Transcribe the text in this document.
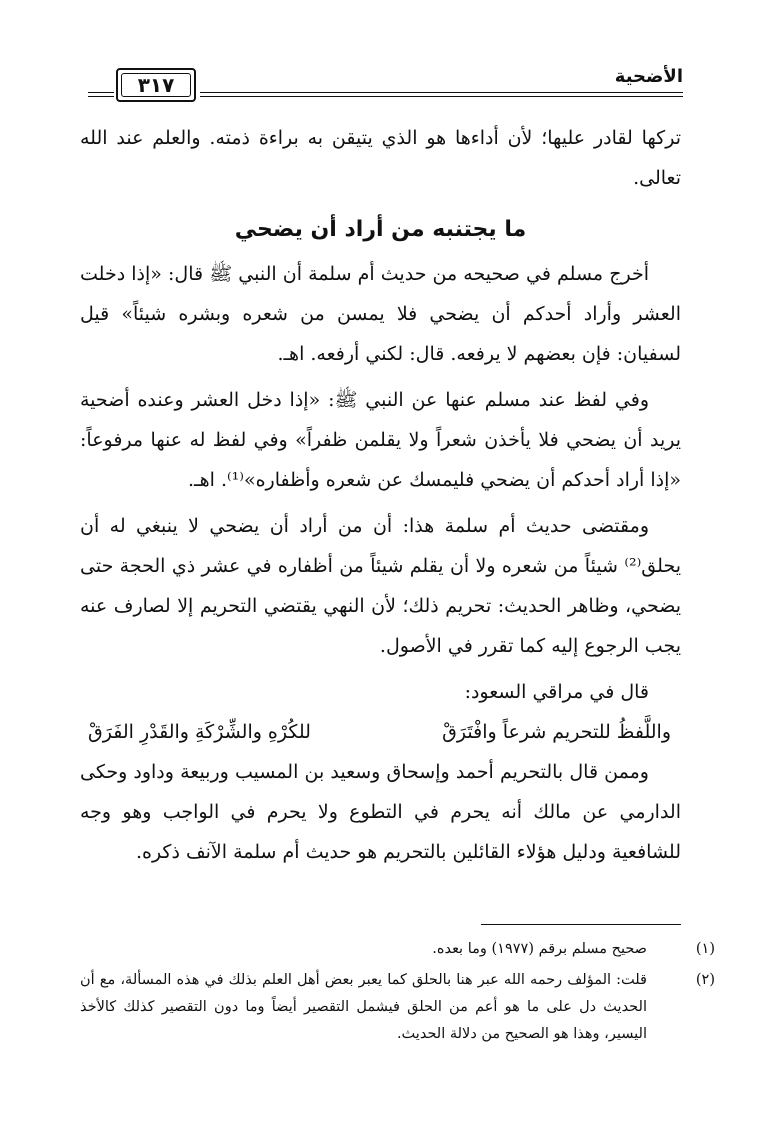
الأضحية
٣١٧

تركها لقادر عليها؛ لأن أداءها هو الذي يتيقن به براءة ذمته. والعلم عند الله تعالى.

ما يجتنبه من أراد أن يضحي

أخرج مسلم في صحيحه من حديث أم سلمة أن النبي ﷺ قال: «إذا دخلت العشر وأراد أحدكم أن يضحي فلا يمسن من شعره وبشره شيئاً» قيل لسفيان: فإن بعضهم لا يرفعه. قال: لكني أرفعه. اهـ.

وفي لفظ عند مسلم عنها عن النبي ﷺ: «إذا دخل العشر وعنده أضحية يريد أن يضحي فلا يأخذن شعراً ولا يقلمن ظفراً» وفي لفظ له عنها مرفوعاً: «إذا أراد أحدكم أن يضحي فليمسك عن شعره وأظفاره»⁽¹⁾. اهـ.

ومقتضى حديث أم سلمة هذا: أن من أراد أن يضحي لا ينبغي له أن يحلق⁽²⁾ شيئاً من شعره ولا أن يقلم شيئاً من أظفاره في عشر ذي الحجة حتى يضحي، وظاهر الحديث: تحريم ذلك؛ لأن النهي يقتضي التحريم إلا لصارف عنه يجب الرجوع إليه كما تقرر في الأصول.

قال في مراقي السعود:

واللَّفظُ للتحريم شرعاً وافْتَرَقْ
للكُرْهِ والشِّرْكَةِ والقَدْرِ الفَرَقْ

وممن قال بالتحريم أحمد وإسحاق وسعيد بن المسيب وربيعة وداود وحكى الدارمي عن مالك أنه يحرم في التطوع ولا يحرم في الواجب وهو وجه للشافعية ودليل هؤلاء القائلين بالتحريم هو حديث أم سلمة الآنف ذكره.

(١)صحيح مسلم برقم (١٩٧٧) وما بعده.

(٢)قلت: المؤلف رحمه الله عبر هنا بالحلق كما يعبر بعض أهل العلم بذلك في هذه المسألة، مع أن الحديث دل على ما هو أعم من الحلق فيشمل التقصير أيضاً وما دون التقصير كذلك كالأخذ اليسير، وهذا هو الصحيح من دلالة الحديث.
